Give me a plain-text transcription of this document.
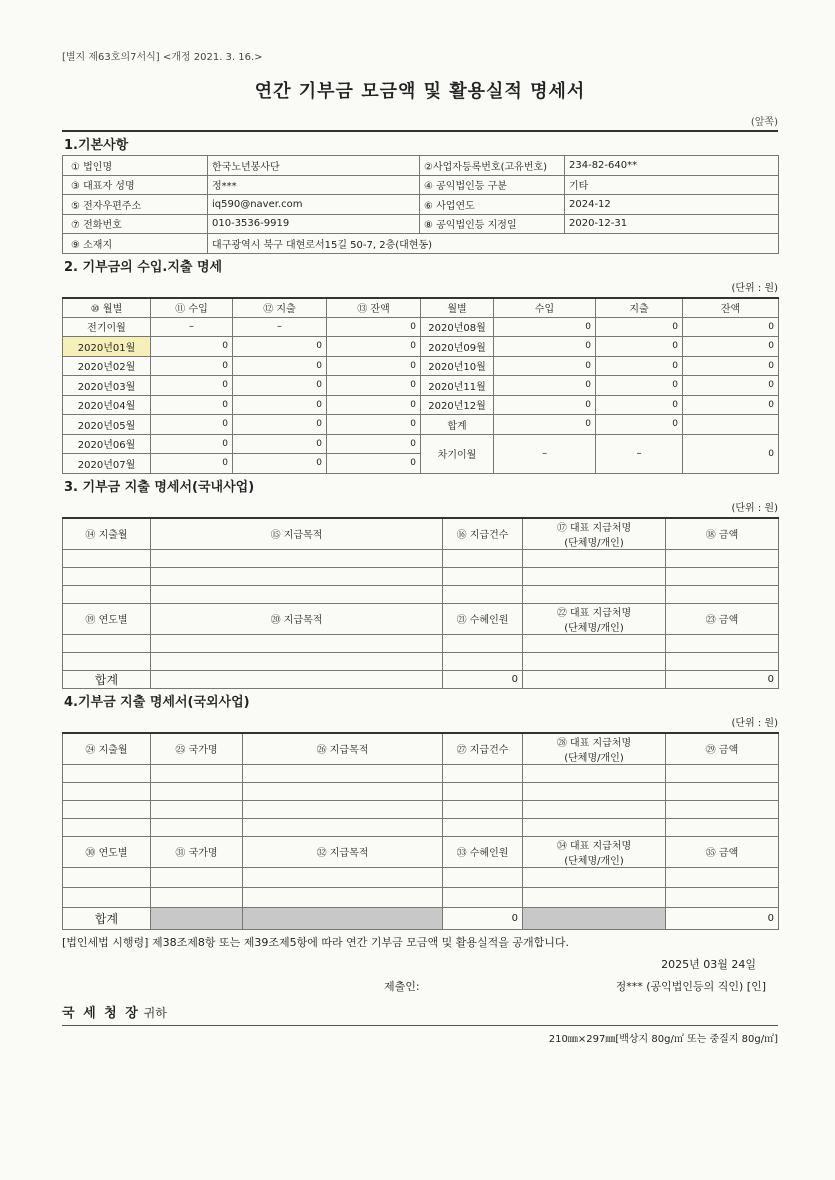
[별지 제63호의7서식] <개정 2021. 3. 16.>
연간 기부금 모금액 및 활용실적 명세서
(앞쪽)
1.기본사항
① 법인명	한국노년봉사단	②사업자등록번호(고유번호)	234-82-640**
③ 대표자 성명	정***	④ 공익법인등 구분	기타
⑤ 전자우편주소	iq590@naver.com	⑥ 사업연도	2024-12
⑦ 전화번호	010-3536-9919	⑧ 공익법인등 지정일	2020-12-31
⑨ 소재지	대구광역시 북구 대현로서15길 50-7, 2층(대현동)		
2. 기부금의 수입.지출 명세
(단위 : 원)
⑩ 월별	⑪ 수입	⑫ 지출	⑬ 잔액	월별	수입	지출	잔액
전기이월	–	–	0	2020년08월	0	0	0
2020년01월	0	0	0	2020년09월	0	0	0
2020년02월	0	0	0	2020년10월	0	0	0
2020년03월	0	0	0	2020년11월	0	0	0
2020년04월	0	0	0	2020년12월	0	0	0
2020년05월	0	0	0	합계	0	0	
2020년06월	0	0	0	차기이월	–	–	0
2020년07월	0	0	0				
3. 기부금 지출 명세서(국내사업)
(단위 : 원)
⑭ 지출월	⑮ 지급목적	⑯ 지급건수	⑰ 대표 지급처명
(단체명/개인)	⑱ 금액

⑲ 연도별	⑳ 지급목적	㉑ 수혜인원	㉒ 대표 지급처명
(단체명/개인)	㉓ 금액

합계		0		0
4.기부금 지출 명세서(국외사업)
(단위 : 원)
㉔ 지출월	㉕ 국가명	㉖ 지급목적	㉗ 지급건수	㉘ 대표 지급처명
(단체명/개인)	㉙ 금액

㉚ 연도별	㉛ 국가명	㉜ 지급목적	㉝ 수혜인원	㉞ 대표 지급처명
(단체명/개인)	㉟ 금액

합계			0		0
[법인세법 시행령] 제38조제8항 또는 제39조제5항에 따라 연간 기부금 모금액 및 활용실적을 공개합니다.
2025년 03월 24일
제출인:	정*** (공익법인등의 직인) [인]
국 세 청 장 귀하
210㎜×297㎜[백상지 80g/㎡ 또는 중질지 80g/㎡]
